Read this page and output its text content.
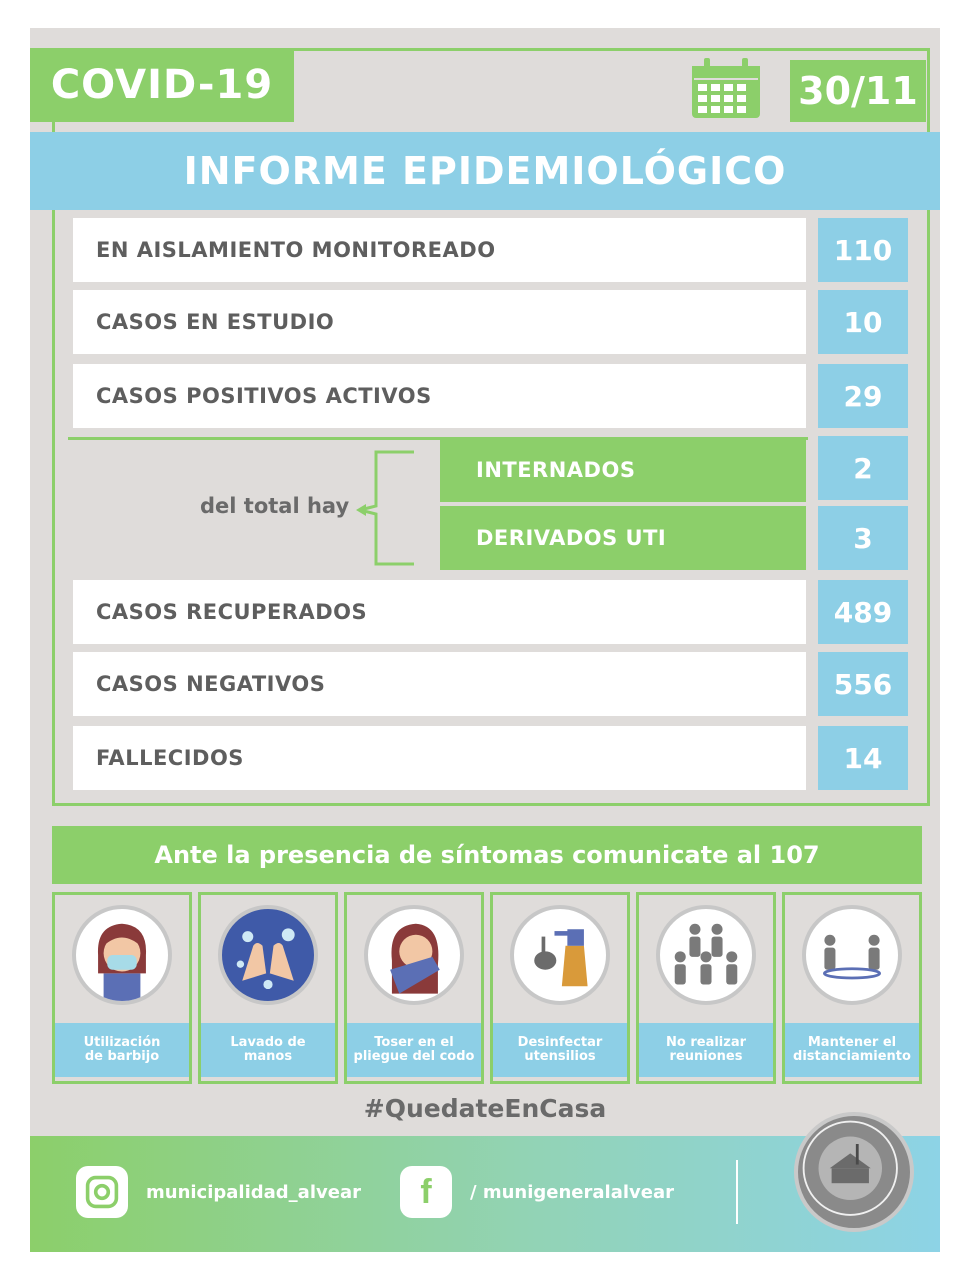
COVID-19	30/11
INFORME EPIDEMIOLÓGICO
EN AISLAMIENTO MONITOREADO	110
CASOS EN ESTUDIO	10
CASOS POSITIVOS ACTIVOS	29
del total hay
INTERNADOS	2
DERIVADOS UTI	3
CASOS RECUPERADOS	489
CASOS NEGATIVOS	556
FALLECIDOS	14
Ante la presencia de síntomas comunicate al 107
Utilización
de barbijo
Lavado de
manos
Toser en el
pliegue del codo
Desinfectar
utensilios
No realizar
reuniones
Mantener el
distanciamiento
#QuedateEnCasa
municipalidad_alvear f / munigeneralalvear
